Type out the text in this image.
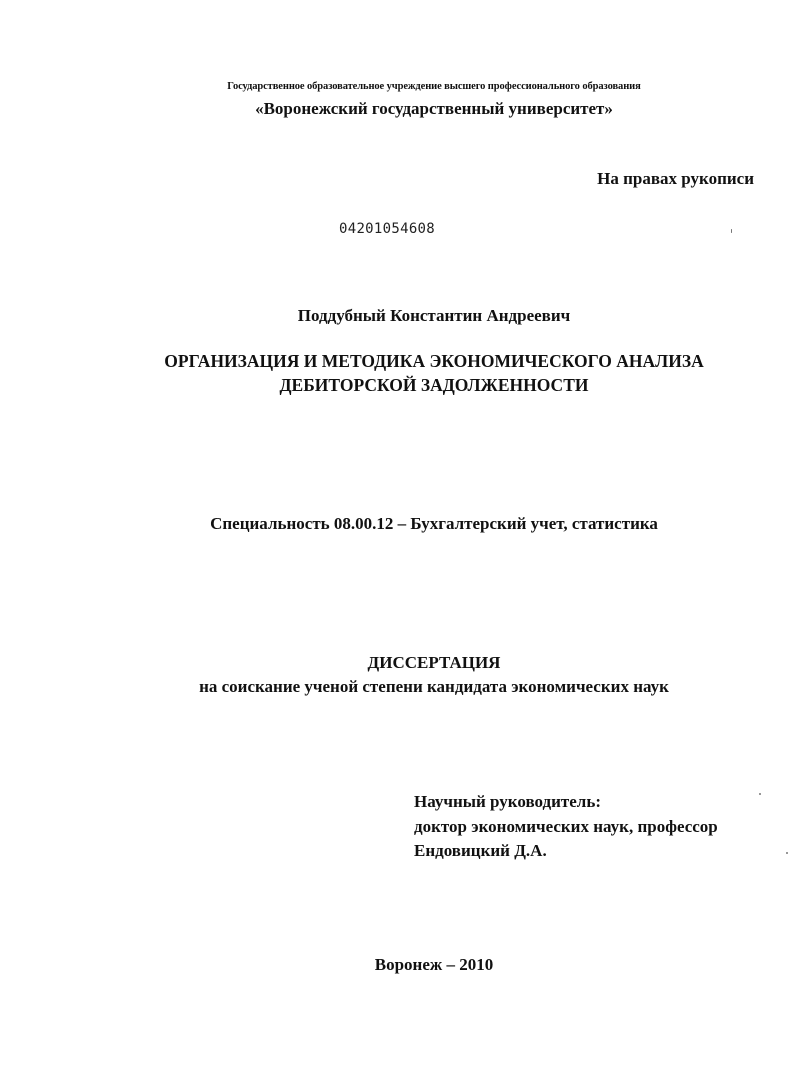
Государственное образовательное учреждение высшего профессионального образования
«Воронежский государственный университет»
На правах рукописи
04201054608
Поддубный Константин Андреевич
ОРГАНИЗАЦИЯ И МЕТОДИКА ЭКОНОМИЧЕСКОГО АНАЛИЗА
ДЕБИТОРСКОЙ ЗАДОЛЖЕННОСТИ
Специальность 08.00.12 – Бухгалтерский учет, статистика
ДИССЕРТАЦИЯ
на соискание ученой степени кандидата экономических наук
Научный руководитель:
доктор экономических наук, профессор
Ендовицкий Д.А.
Воронеж – 2010
